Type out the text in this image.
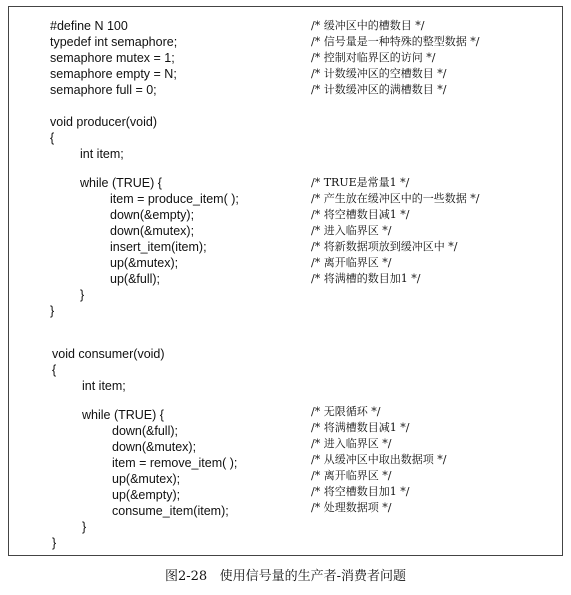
#define N 100	/* 缓冲区中的槽数目 */
typedef int semaphore;	/* 信号量是一种特殊的整型数据 */
semaphore mutex = 1;	/* 控制对临界区的访问 */
semaphore empty = N;	/* 计数缓冲区的空槽数目 */
semaphore full = 0;	/* 计数缓冲区的满槽数目 */
void producer(void)
{
int item;
while (TRUE) {	/* TRUE是常量1 */
item = produce_item( );	/* 产生放在缓冲区中的一些数据 */
down(&empty);	/* 将空槽数目减1 */
down(&mutex);	/* 进入临界区 */
insert_item(item);	/* 将新数据项放到缓冲区中 */
up(&mutex);	/* 离开临界区 */
up(&full);	/* 将满槽的数目加1 */
}
}
void consumer(void)
{
int item;
while (TRUE) {	/* 无限循环 */
down(&full);	/* 将满槽数目减1 */
down(&mutex);	/* 进入临界区 */
item = remove_item( );	/* 从缓冲区中取出数据项 */
up(&mutex);	/* 离开临界区 */
up(&empty);	/* 将空槽数目加1 */
consume_item(item);	/* 处理数据项 */
}
}
图2-28   使用信号量的生产者-消费者问题
